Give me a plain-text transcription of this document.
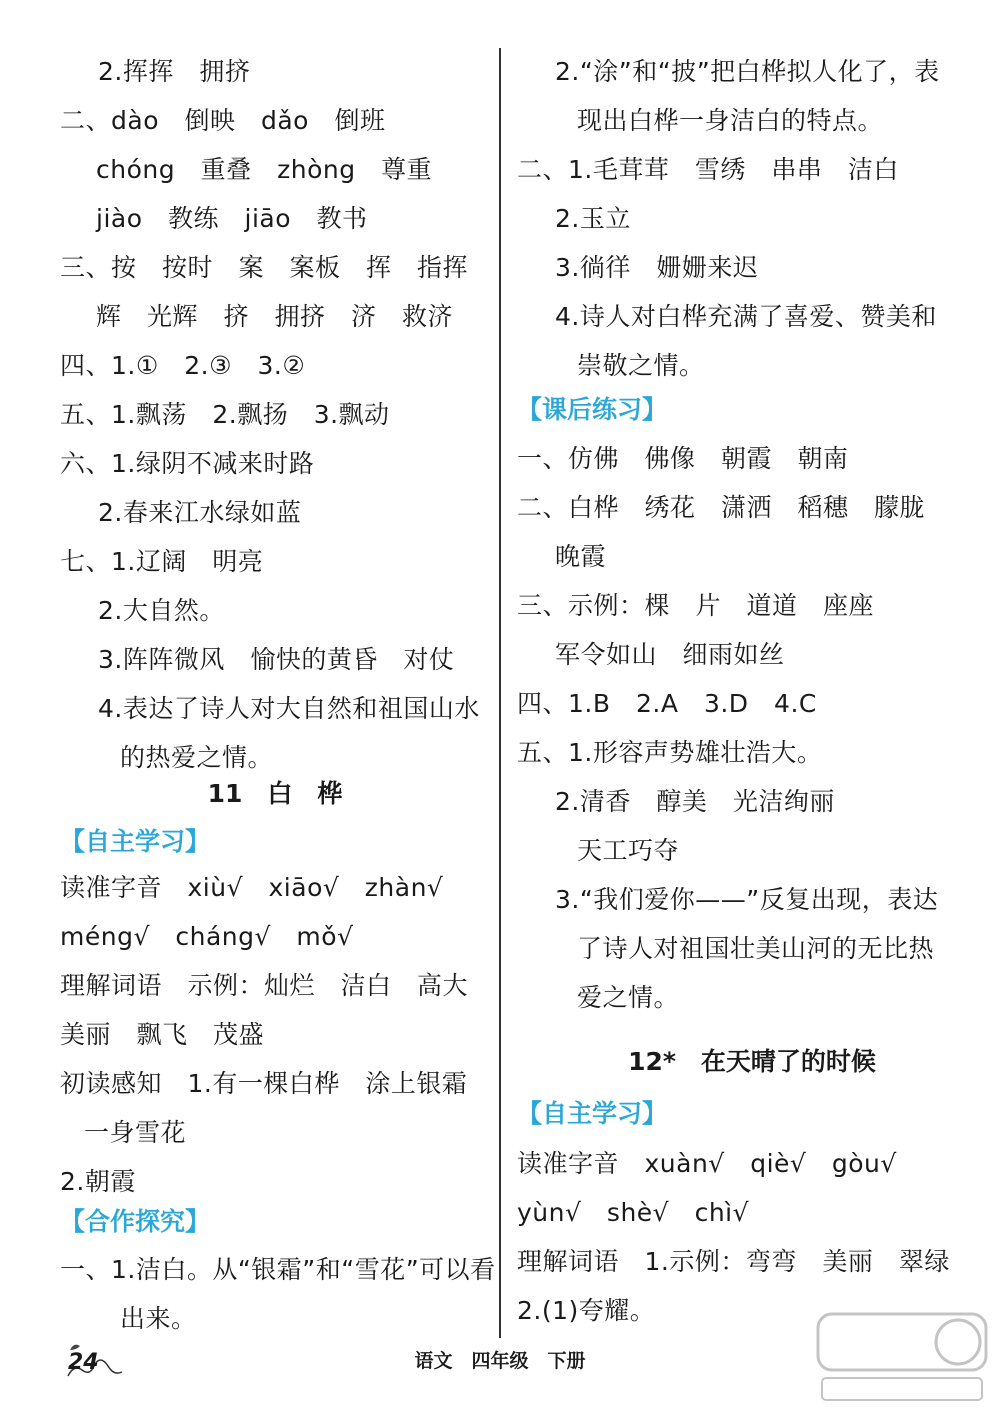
2.挥挥　拥挤
二、dào　倒映　dǎo　倒班
chóng　重叠　zhòng　尊重
jiào　教练　jiāo　教书
三、按　按时　案　案板　挥　指挥
辉　光辉　挤　拥挤　济　救济
四、1.①　2.③　3.②
五、1.飘荡　2.飘扬　3.飘动
六、1.绿阴不减来时路
2.春来江水绿如蓝
七、1.辽阔　明亮
2.大自然。
3.阵阵微风　愉快的黄昏　对仗
4.表达了诗人对大自然和祖国山水
的热爱之情。
11　白　桦
【自主学习】
读准字音　xiù√　xiāo√　zhàn√
méng√　cháng√　mǒ√
理解词语　示例：灿烂　洁白　高大
美丽　飘飞　茂盛
初读感知　1.有一棵白桦　涂上银霜
一身雪花
2.朝霞
【合作探究】
一、1.洁白。从“银霜”和“雪花”可以看
出来。
2.“涂”和“披”把白桦拟人化了，表
现出白桦一身洁白的特点。
二、1.毛茸茸　雪绣　串串　洁白
2.玉立
3.徜徉　姗姗来迟
4.诗人对白桦充满了喜爱、赞美和
崇敬之情。
【课后练习】
一、仿佛　佛像　朝霞　朝南
二、白桦　绣花　潇洒　稻穗　朦胧
晚霞
三、示例：棵　片　道道　座座
军令如山　细雨如丝
四、1.B　2.A　3.D　4.C
五、1.形容声势雄壮浩大。
2.清香　醇美　光洁绚丽
天工巧夺
3.“我们爱你——”反复出现，表达
了诗人对祖国壮美山河的无比热
爱之情。
12*　在天晴了的时候
【自主学习】
读准字音　xuàn√　qiè√　gòu√
yùn√　shè√　chì√
理解词语　1.示例：弯弯　美丽　翠绿
2.(1)夸耀。
24	语文　四年级　下册
